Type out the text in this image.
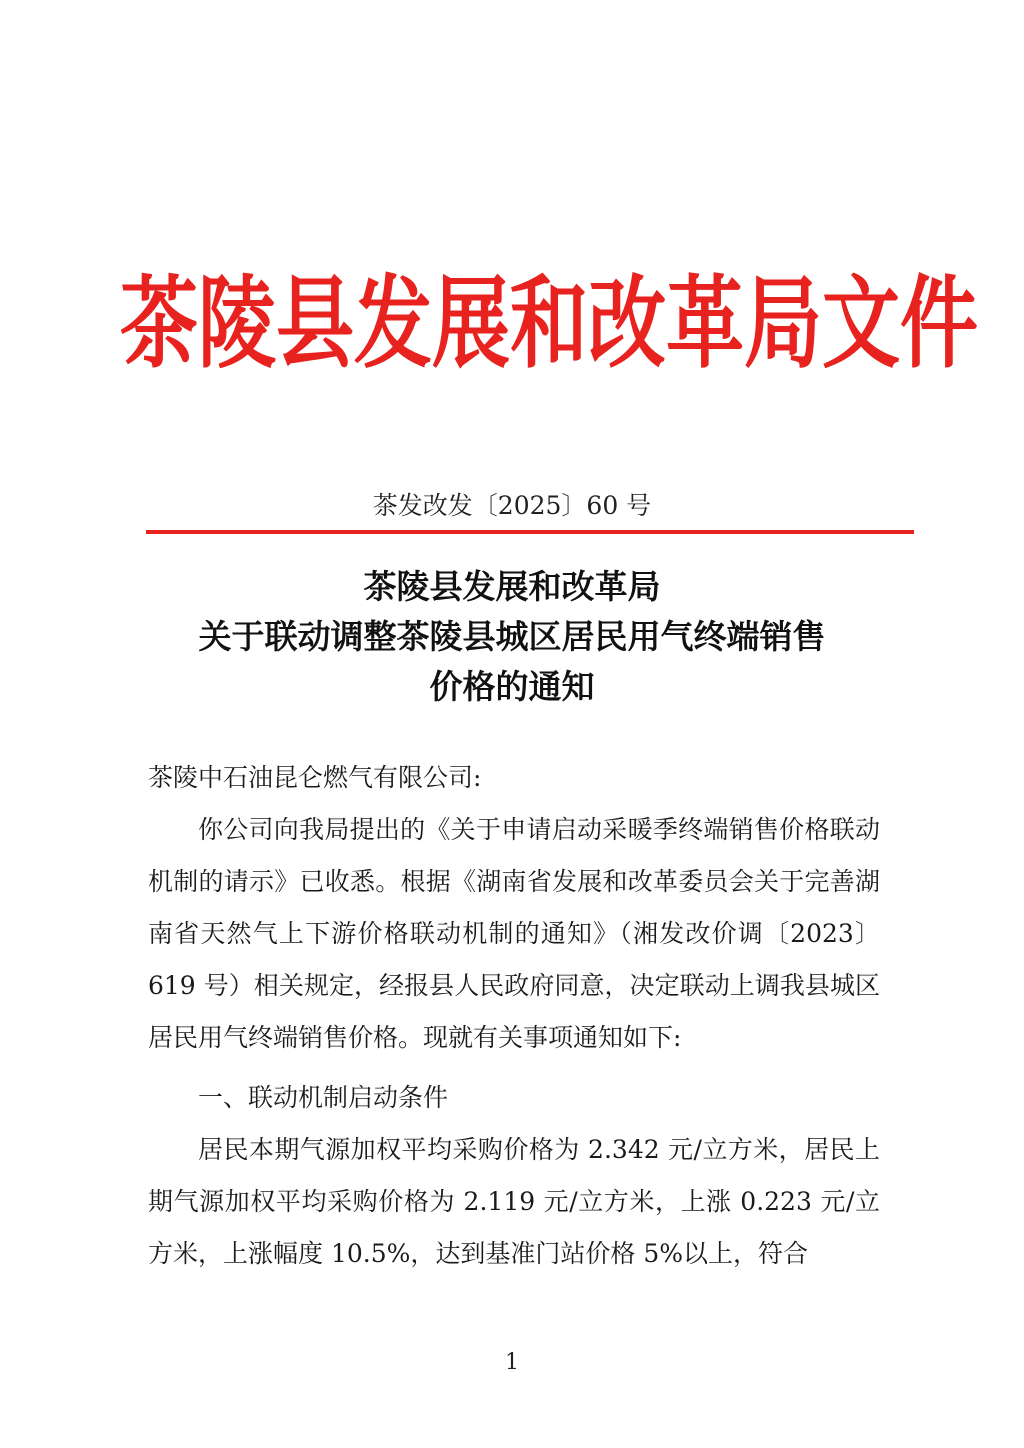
茶陵县发展和改革局文件
茶发改发〔2025〕60 号
茶陵县发展和改革局
关于联动调整茶陵县城区居民用气终端销售
价格的通知

茶陵中石油昆仑燃气有限公司:

你公司向我局提出的《关于申请启动采暖季终端销售价格联动机制的请示》已收悉。根据《湖南省发展和改革委员会关于完善湖南省天然气上下游价格联动机制的通知》（湘发改价调〔2023〕619 号）相关规定，经报县人民政府同意，决定联动上调我县城区居民用气终端销售价格。现就有关事项通知如下:

一、联动机制启动条件

居民本期气源加权平均采购价格为 2.342 元/立方米，居民上期气源加权平均采购价格为 2.119 元/立方米，上涨 0.223 元/立方米，上涨幅度 10.5%，达到基准门站价格 5%以上，符合

1
